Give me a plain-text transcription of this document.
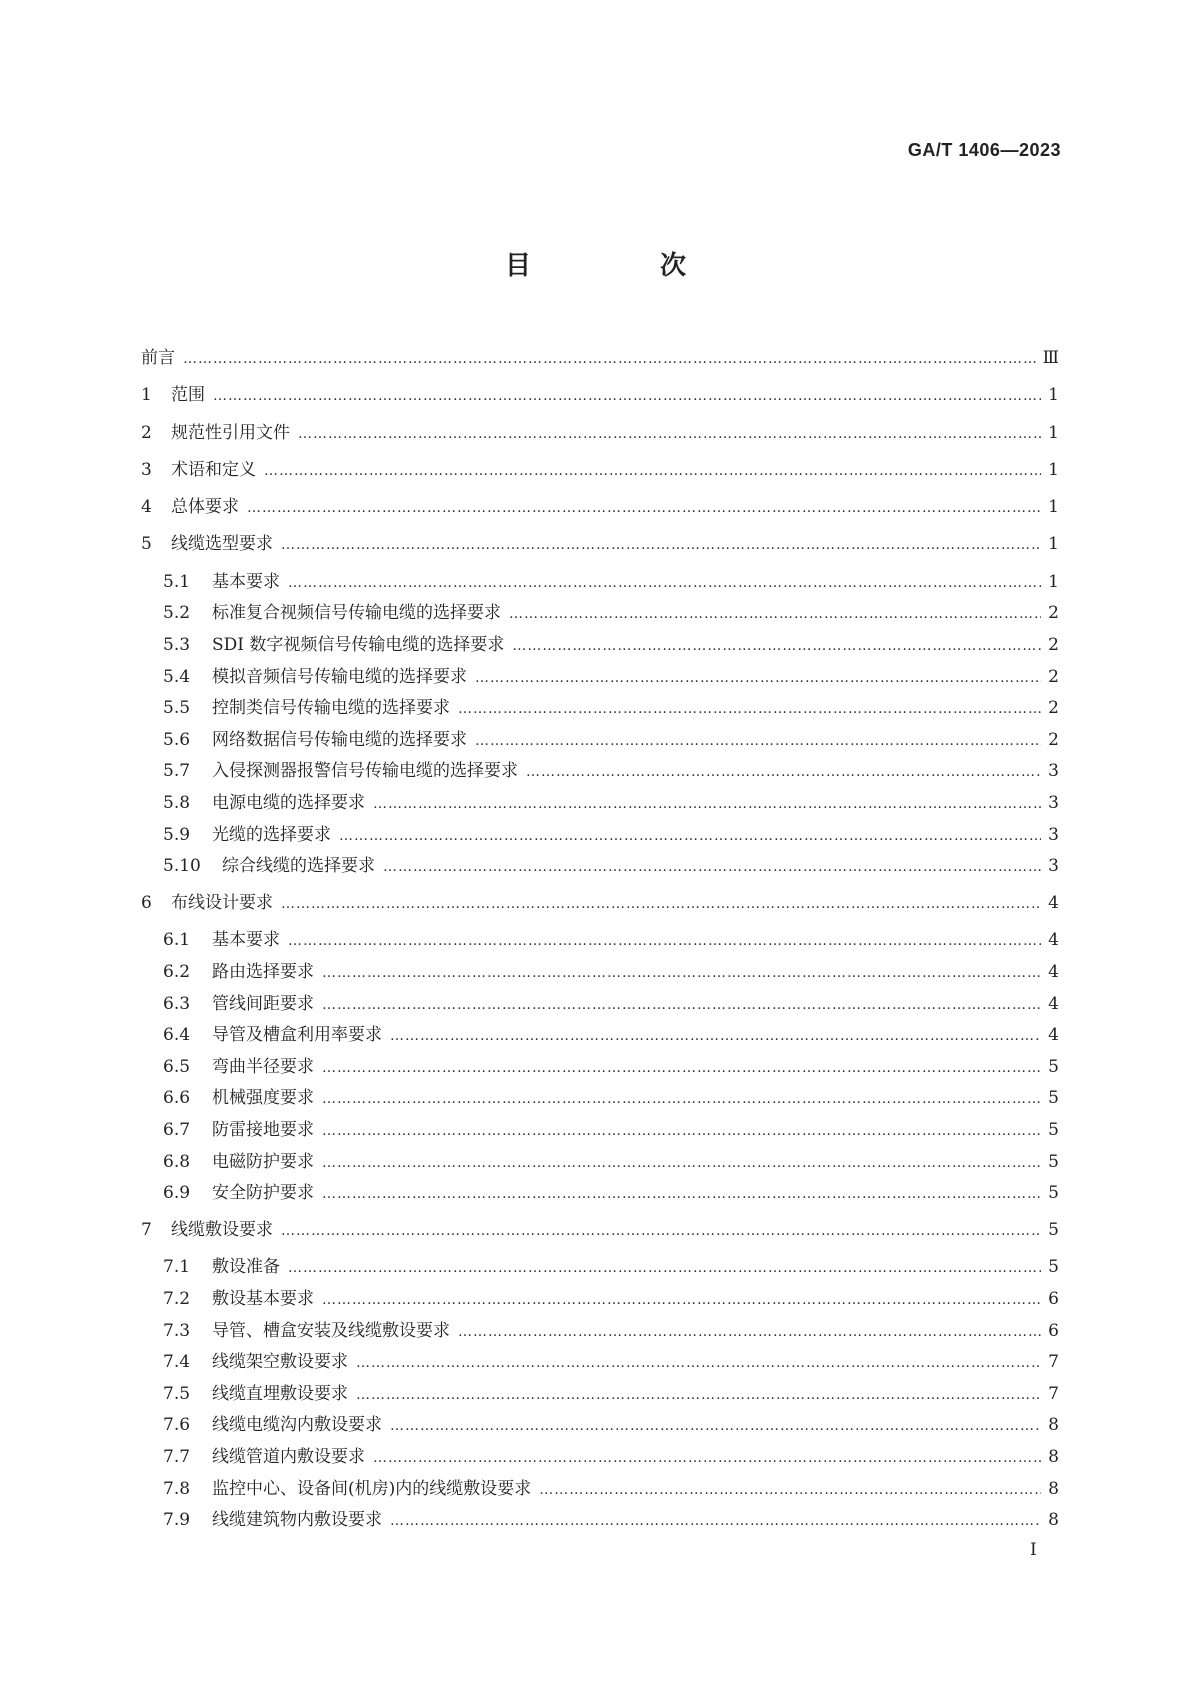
GA/T 1406—2023
目 次
前言 ……………………………………………………………………………………………………………………………………………………………………………………………………………………………………	Ⅲ
1	范围 ……………………………………………………………………………………………………………………………………………………………………………………………………………………………………	1
2	规范性引用文件 ……………………………………………………………………………………………………………………………………………………………………………………………………………………………………	1
3	术语和定义 ……………………………………………………………………………………………………………………………………………………………………………………………………………………………………	1
4	总体要求 ……………………………………………………………………………………………………………………………………………………………………………………………………………………………………	1
5	线缆选型要求 ……………………………………………………………………………………………………………………………………………………………………………………………………………………………………	1
5.1	基本要求 ……………………………………………………………………………………………………………………………………………………………………………………………………………………………………	1
5.2	标准复合视频信号传输电缆的选择要求 ……………………………………………………………………………………………………………………………………………………………………………………………………………………………………	2
5.3	SDI 数字视频信号传输电缆的选择要求 ……………………………………………………………………………………………………………………………………………………………………………………………………………………………………	2
5.4	模拟音频信号传输电缆的选择要求 ……………………………………………………………………………………………………………………………………………………………………………………………………………………………………	2
5.5	控制类信号传输电缆的选择要求 ……………………………………………………………………………………………………………………………………………………………………………………………………………………………………	2
5.6	网络数据信号传输电缆的选择要求 ……………………………………………………………………………………………………………………………………………………………………………………………………………………………………	2
5.7	入侵探测器报警信号传输电缆的选择要求 ……………………………………………………………………………………………………………………………………………………………………………………………………………………………………	3
5.8	电源电缆的选择要求 ……………………………………………………………………………………………………………………………………………………………………………………………………………………………………	3
5.9	光缆的选择要求 ……………………………………………………………………………………………………………………………………………………………………………………………………………………………………	3
5.10	综合线缆的选择要求 ……………………………………………………………………………………………………………………………………………………………………………………………………………………………………	3
6	布线设计要求 ……………………………………………………………………………………………………………………………………………………………………………………………………………………………………	4
6.1	基本要求 ……………………………………………………………………………………………………………………………………………………………………………………………………………………………………	4
6.2	路由选择要求 ……………………………………………………………………………………………………………………………………………………………………………………………………………………………………	4
6.3	管线间距要求 ……………………………………………………………………………………………………………………………………………………………………………………………………………………………………	4
6.4	导管及槽盒利用率要求 ……………………………………………………………………………………………………………………………………………………………………………………………………………………………………	4
6.5	弯曲半径要求 ……………………………………………………………………………………………………………………………………………………………………………………………………………………………………	5
6.6	机械强度要求 ……………………………………………………………………………………………………………………………………………………………………………………………………………………………………	5
6.7	防雷接地要求 ……………………………………………………………………………………………………………………………………………………………………………………………………………………………………	5
6.8	电磁防护要求 ……………………………………………………………………………………………………………………………………………………………………………………………………………………………………	5
6.9	安全防护要求 ……………………………………………………………………………………………………………………………………………………………………………………………………………………………………	5
7	线缆敷设要求 ……………………………………………………………………………………………………………………………………………………………………………………………………………………………………	5
7.1	敷设准备 ……………………………………………………………………………………………………………………………………………………………………………………………………………………………………	5
7.2	敷设基本要求 ……………………………………………………………………………………………………………………………………………………………………………………………………………………………………	6
7.3	导管、槽盒安装及线缆敷设要求 ……………………………………………………………………………………………………………………………………………………………………………………………………………………………………	6
7.4	线缆架空敷设要求 ……………………………………………………………………………………………………………………………………………………………………………………………………………………………………	7
7.5	线缆直埋敷设要求 ……………………………………………………………………………………………………………………………………………………………………………………………………………………………………	7
7.6	线缆电缆沟内敷设要求 ……………………………………………………………………………………………………………………………………………………………………………………………………………………………………	8
7.7	线缆管道内敷设要求 ……………………………………………………………………………………………………………………………………………………………………………………………………………………………………	8
7.8	监控中心、设备间(机房)内的线缆敷设要求 ……………………………………………………………………………………………………………………………………………………………………………………………………………………………………	8
7.9	线缆建筑物内敷设要求 ……………………………………………………………………………………………………………………………………………………………………………………………………………………………………	8
I
